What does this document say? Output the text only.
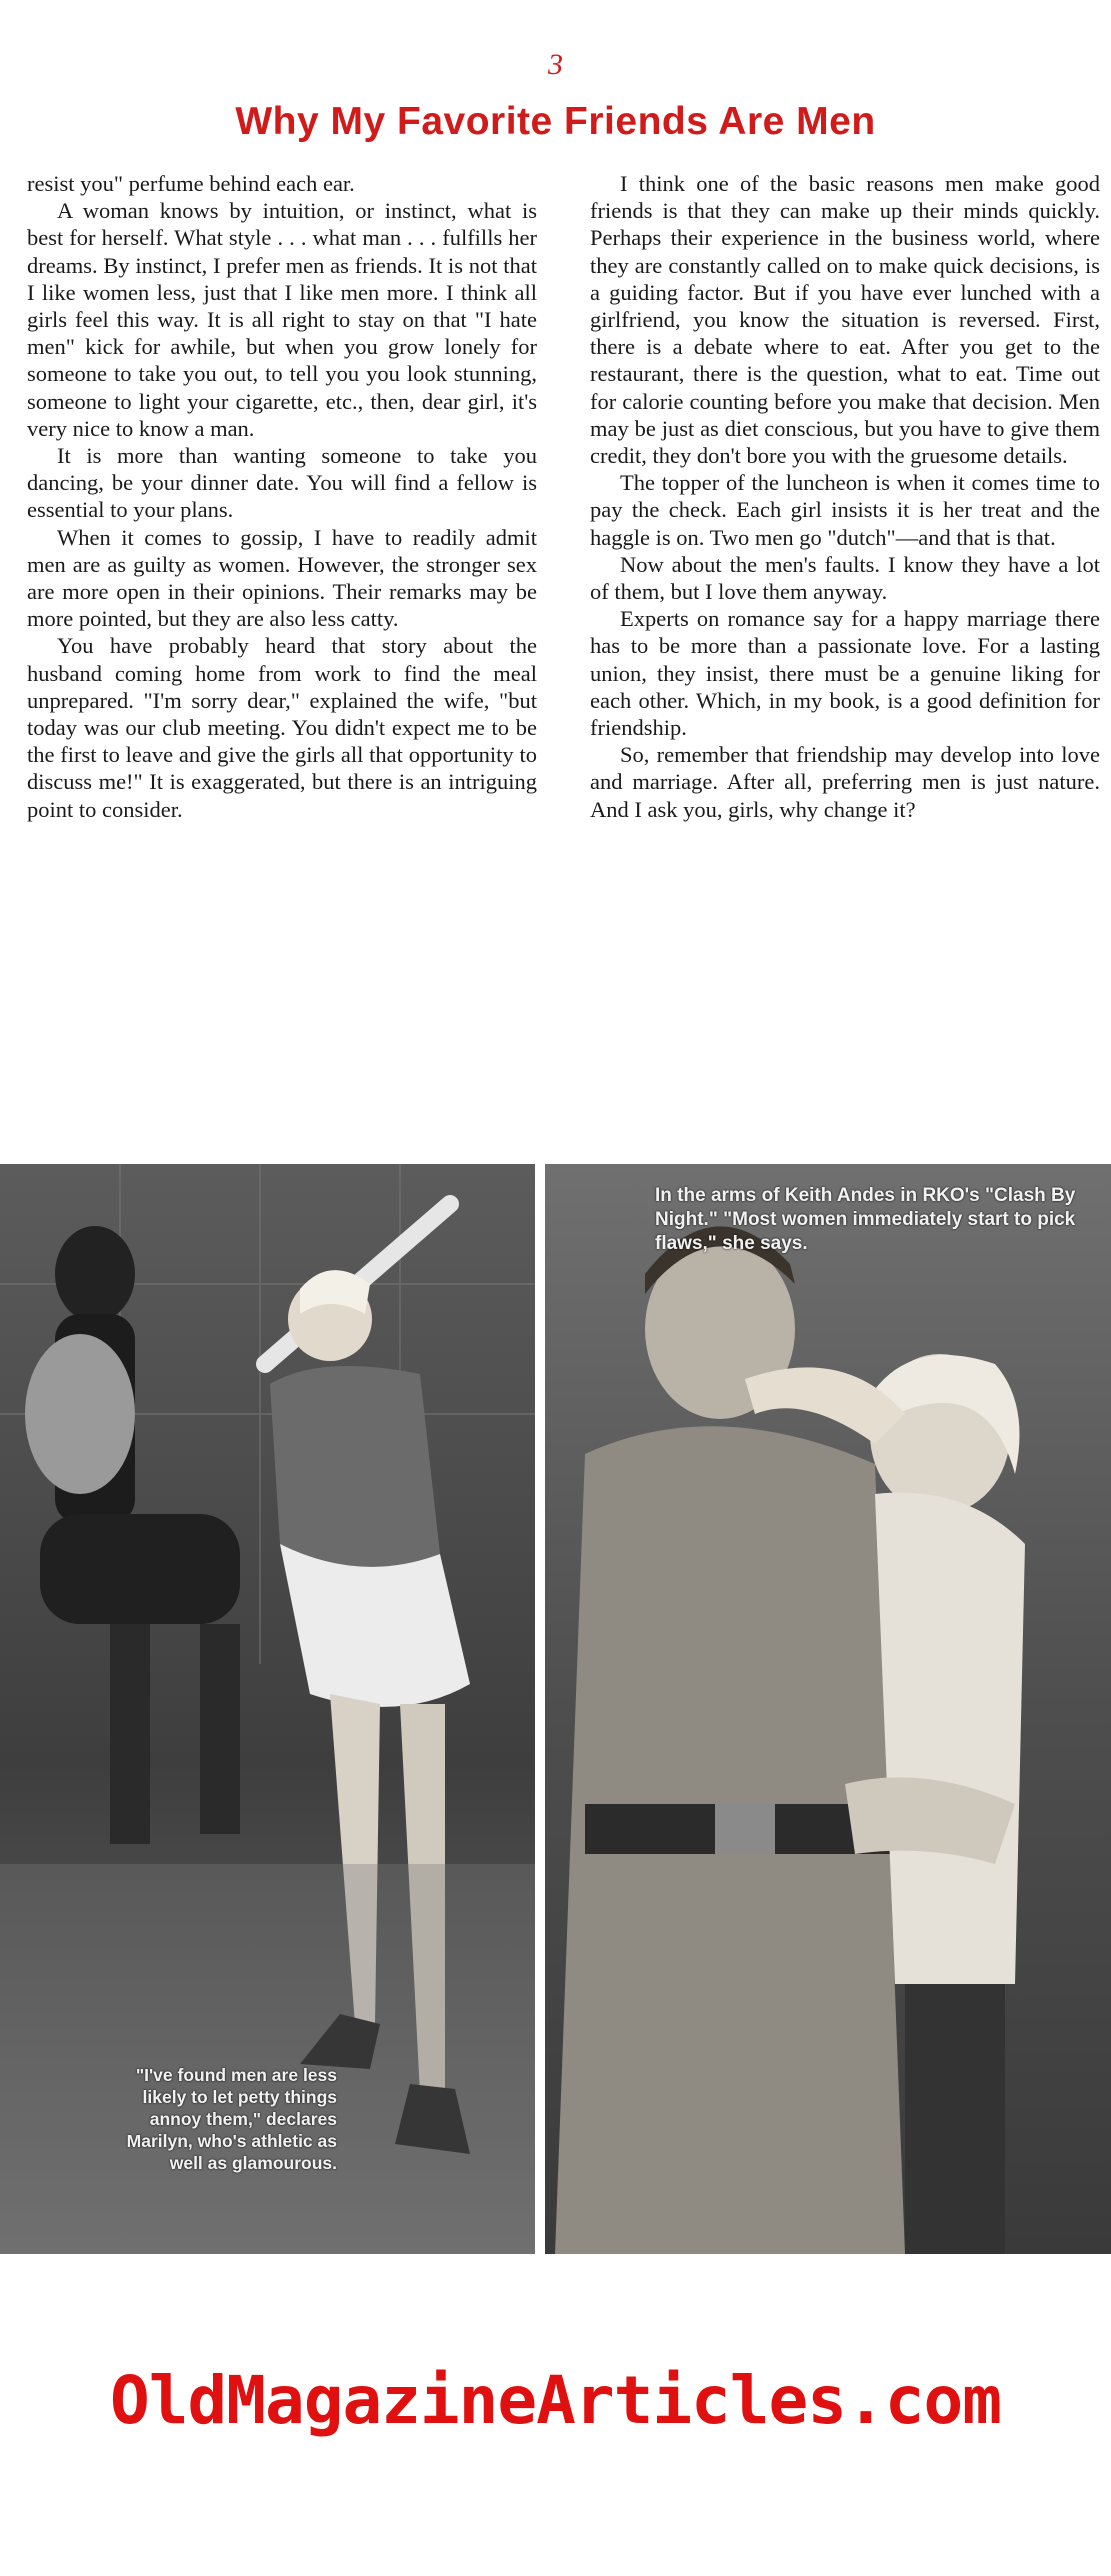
3
Why My Favorite Friends Are Men

resist you" perfume behind each ear.

A woman knows by intuition, or instinct, what is best for herself. What style . . . what man . . . fulfills her dreams. By instinct, I prefer men as friends. It is not that I like women less, just that I like men more. I think all girls feel this way. It is all right to stay on that "I hate men" kick for awhile, but when you grow lonely for someone to take you out, to tell you you look stunning, someone to light your cigarette, etc., then, dear girl, it's very nice to know a man.

It is more than wanting someone to take you dancing, be your dinner date. You will find a fellow is essential to your plans.

When it comes to gossip, I have to readily admit men are as guilty as women. However, the stronger sex are more open in their opinions. Their remarks may be more pointed, but they are also less catty.

You have probably heard that story about the husband coming home from work to find the meal unprepared. "I'm sorry dear," explained the wife, "but today was our club meeting. You didn't expect me to be the first to leave and give the girls all that opportunity to discuss me!" It is exaggerated, but there is an intriguing point to consider.

I think one of the basic reasons men make good friends is that they can make up their minds quickly. Perhaps their experience in the business world, where they are constantly called on to make quick decisions, is a guiding factor. But if you have ever lunched with a girlfriend, you know the situation is reversed. First, there is a debate where to eat. After you get to the restaurant, there is the question, what to eat. Time out for calorie counting before you make that decision. Men may be just as diet conscious, but you have to give them credit, they don't bore you with the gruesome details.

The topper of the luncheon is when it comes time to pay the check. Each girl insists it is her treat and the haggle is on. Two men go "dutch"—and that is that.

Now about the men's faults. I know they have a lot of them, but I love them anyway.

Experts on romance say for a happy marriage there has to be more than a passionate love. For a lasting union, they insist, there must be a genuine liking for each other. Which, in my book, is a good definition for friendship.

So, remember that friendship may develop into love and marriage. After all, preferring men is just nature. And I ask you, girls, why change it?

"I've found men are less likely to let petty things annoy them," declares Marilyn, who's athletic as well as glamourous.
In the arms of Keith Andes in RKO's "Clash By Night." "Most women immediately start to pick flaws," she says.
OldMagazineArticles.com
